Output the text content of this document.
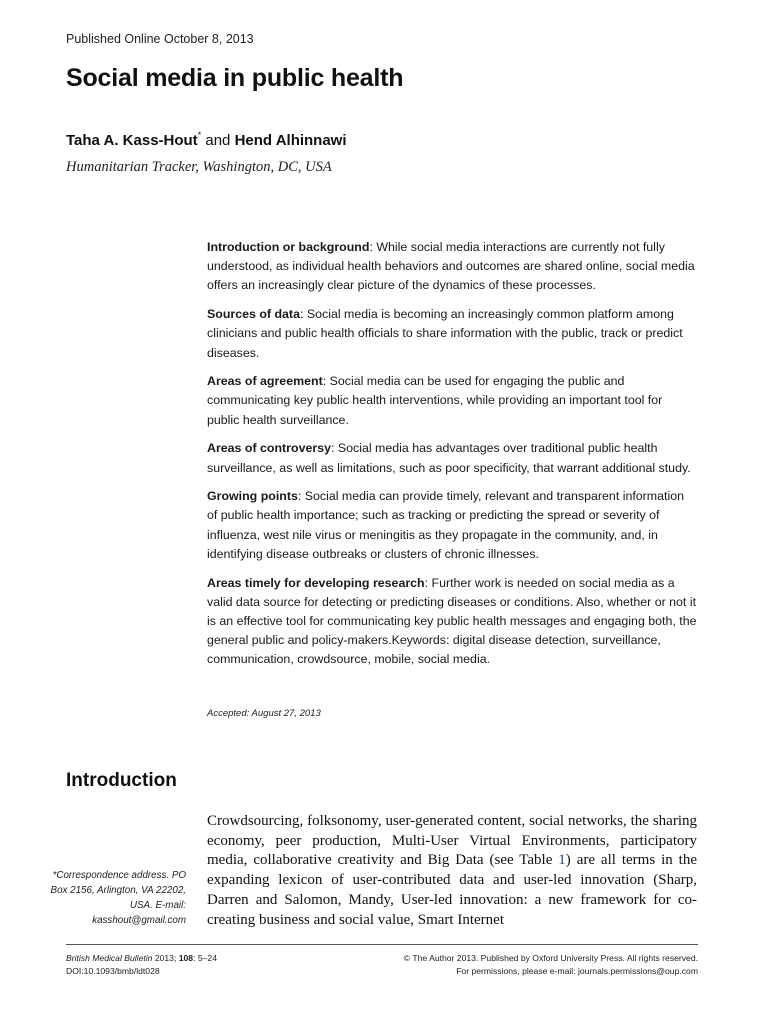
Published Online October 8, 2013
Social media in public health
Taha A. Kass-Hout* and Hend Alhinnawi
Humanitarian Tracker, Washington, DC, USA

Introduction or background: While social media interactions are currently not fully understood, as individual health behaviors and outcomes are shared online, social media offers an increasingly clear picture of the dynamics of these processes.

Sources of data: Social media is becoming an increasingly common platform among clinicians and public health officials to share information with the public, track or predict diseases.

Areas of agreement: Social media can be used for engaging the public and communicating key public health interventions, while providing an important tool for public health surveillance.

Areas of controversy: Social media has advantages over traditional public health surveillance, as well as limitations, such as poor specificity, that warrant additional study.

Growing points: Social media can provide timely, relevant and transparent information of public health importance; such as tracking or predicting the spread or severity of influenza, west nile virus or meningitis as they propagate in the community, and, in identifying disease outbreaks or clusters of chronic illnesses.

Areas timely for developing research: Further work is needed on social media as a valid data source for detecting or predicting diseases or conditions. Also, whether or not it is an effective tool for communicating key public health messages and engaging both, the general public and policy-makers.Keywords: digital disease detection, surveillance, communication, crowdsource, mobile, social media.

Accepted: August 27, 2013
Introduction

Crowdsourcing, folksonomy, user-generated content, social networks, the sharing economy, peer production, Multi-User Virtual Environments, participatory media, collaborative creativity and Big Data (see Table 1) are all terms in the expanding lexicon of user-contributed data and user-led innovation (Sharp, Darren and Salomon, Mandy, User-led innovation: a new framework for co-creating business and social value, Smart Internet

*Correspondence address. PO Box 2156, Arlington, VA 22202, USA. E-mail: kasshout@gmail.com
British Medical Bulletin 2013; 108: 5–24
DOI:10.1093/bmb/ldt028
© The Author 2013. Published by Oxford University Press. All rights reserved.
For permissions, please e-mail: journals.permissions@oup.com
